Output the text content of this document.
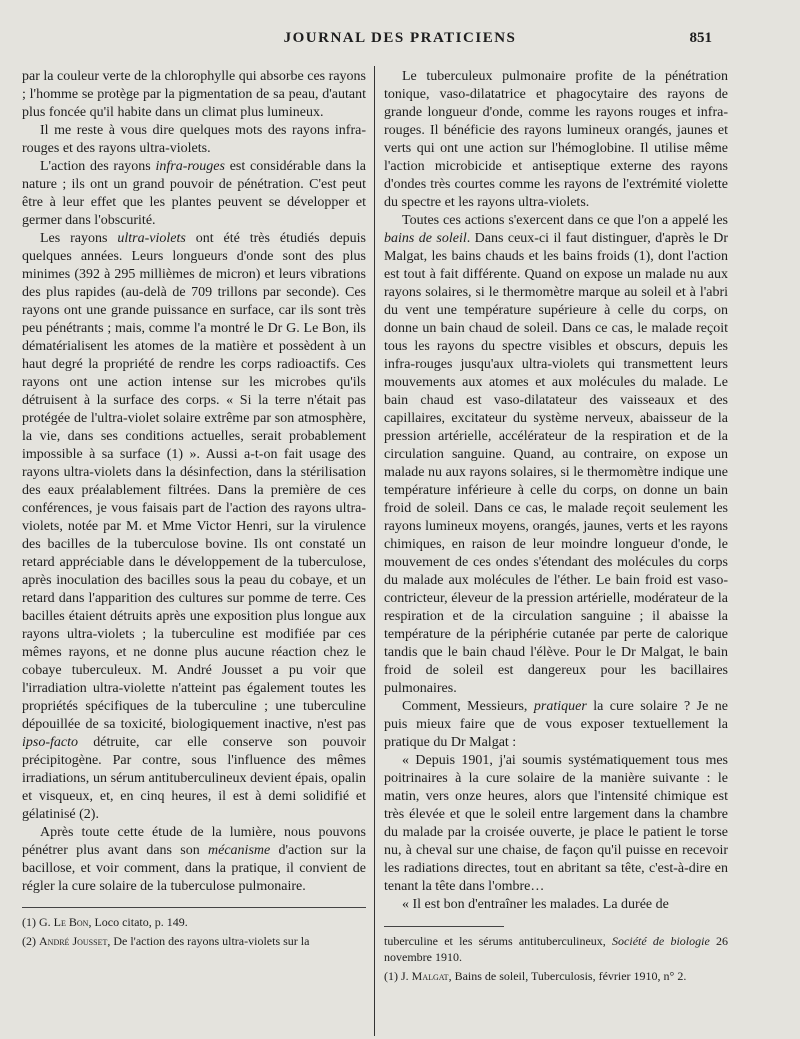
JOURNAL DES PRATICIENS	851

par la couleur verte de la chlorophylle qui absorbe ces rayons ; l'homme se protège par la pigmentation de sa peau, d'autant plus foncée qu'il habite dans un climat plus lumineux.

Il me reste à vous dire quelques mots des rayons infra-rouges et des rayons ultra-violets.

L'action des rayons infra-rouges est considérable dans la nature ; ils ont un grand pouvoir de pénétration. C'est peut être à leur effet que les plantes peuvent se développer et germer dans l'obscurité.

Les rayons ultra-violets ont été très étudiés depuis quelques années. Leurs longueurs d'onde sont des plus minimes (392 à 295 millièmes de micron) et leurs vibrations des plus rapides (au-delà de 709 trillons par seconde). Ces rayons ont une grande puissance en surface, car ils sont très peu pénétrants ; mais, comme l'a montré le Dr G. Le Bon, ils dématérialisent les atomes de la matière et possèdent à un haut degré la propriété de rendre les corps radioactifs. Ces rayons ont une action intense sur les microbes qu'ils détruisent à la surface des corps. « Si la terre n'était pas protégée de l'ultra-violet solaire extrême par son atmosphère, la vie, dans ses conditions actuelles, serait probablement impossible à sa surface (1) ». Aussi a-t-on fait usage des rayons ultra-violets dans la désinfection, dans la stérilisation des eaux préalablement filtrées. Dans la première de ces conférences, je vous faisais part de l'action des rayons ultra-violets, notée par M. et Mme Victor Henri, sur la virulence des bacilles de la tuberculose bovine. Ils ont constaté un retard appréciable dans le développement de la tuberculose, après inoculation des bacilles sous la peau du cobaye, et un retard dans l'apparition des cultures sur pomme de terre. Ces bacilles étaient détruits après une exposition plus longue aux rayons ultra-violets ; la tuberculine est modifiée par ces mêmes rayons, et ne donne plus aucune réaction chez le cobaye tuberculeux. M. André Jousset a pu voir que l'irradiation ultra-violette n'atteint pas également toutes les propriétés spécifiques de la tuberculine ; une tuberculine dépouillée de sa toxicité, biologiquement inactive, n'est pas ipso-facto détruite, car elle conserve son pouvoir précipitogène. Par contre, sous l'influence des mêmes irradiations, un sérum antituberculineux devient épais, opalin et visqueux, et, en cinq heures, il est à demi solidifié et gélatinisé (2).

Après toute cette étude de la lumière, nous pouvons pénétrer plus avant dans son mécanisme d'action sur la bacillose, et voir comment, dans la pratique, il convient de régler la cure solaire de la tuberculose pulmonaire.

(1) G. Le Bon, Loco citato, p. 149.

(2) André Jousset, De l'action des rayons ultra-violets sur la

Le tuberculeux pulmonaire profite de la pénétration tonique, vaso-dilatatrice et phagocytaire des rayons de grande longueur d'onde, comme les rayons rouges et infra-rouges. Il bénéficie des rayons lumineux orangés, jaunes et verts qui ont une action sur l'hémoglobine. Il utilise même l'action microbicide et antiseptique externe des rayons d'ondes très courtes comme les rayons de l'extrémité violette du spectre et les rayons ultra-violets.

Toutes ces actions s'exercent dans ce que l'on a appelé les bains de soleil. Dans ceux-ci il faut distinguer, d'après le Dr Malgat, les bains chauds et les bains froids (1), dont l'action est tout à fait différente. Quand on expose un malade nu aux rayons solaires, si le thermomètre marque au soleil et à l'abri du vent une température supérieure à celle du corps, on donne un bain chaud de soleil. Dans ce cas, le malade reçoit tous les rayons du spectre visibles et obscurs, depuis les infra-rouges jusqu'aux ultra-violets qui transmettent leurs mouvements aux atomes et aux molécules du malade. Le bain chaud est vaso-dilatateur des vaisseaux et des capillaires, excitateur du système nerveux, abaisseur de la pression artérielle, accélérateur de la respiration et de la circulation sanguine. Quand, au contraire, on expose un malade nu aux rayons solaires, si le thermomètre indique une température inférieure à celle du corps, on donne un bain froid de soleil. Dans ce cas, le malade reçoit seulement les rayons lumineux moyens, orangés, jaunes, verts et les rayons chimiques, en raison de leur moindre longueur d'onde, le mouvement de ces ondes s'étendant des molécules du corps du malade aux molécules de l'éther. Le bain froid est vaso-contricteur, éleveur de la pression artérielle, modérateur de la respiration et de la circulation sanguine ; il abaisse la température de la périphérie cutanée par perte de calorique tandis que le bain chaud l'élève. Pour le Dr Malgat, le bain froid de soleil est dangereux pour les bacillaires pulmonaires.

Comment, Messieurs, pratiquer la cure solaire ? Je ne puis mieux faire que de vous exposer textuellement la pratique du Dr Malgat :

« Depuis 1901, j'ai soumis systématiquement tous mes poitrinaires à la cure solaire de la manière suivante : le matin, vers onze heures, alors que l'intensité chimique est très élevée et que le soleil entre largement dans la chambre du malade par la croisée ouverte, je place le patient le torse nu, à cheval sur une chaise, de façon qu'il puisse en recevoir les radiations directes, tout en abritant sa tête, c'est-à-dire en tenant la tête dans l'ombre…

« Il est bon d'entraîner les malades. La durée de

tuberculine et les sérums antituberculineux, Société de biologie 26 novembre 1910.

(1) J. Malgat, Bains de soleil, Tuberculosis, février 1910, n° 2.
